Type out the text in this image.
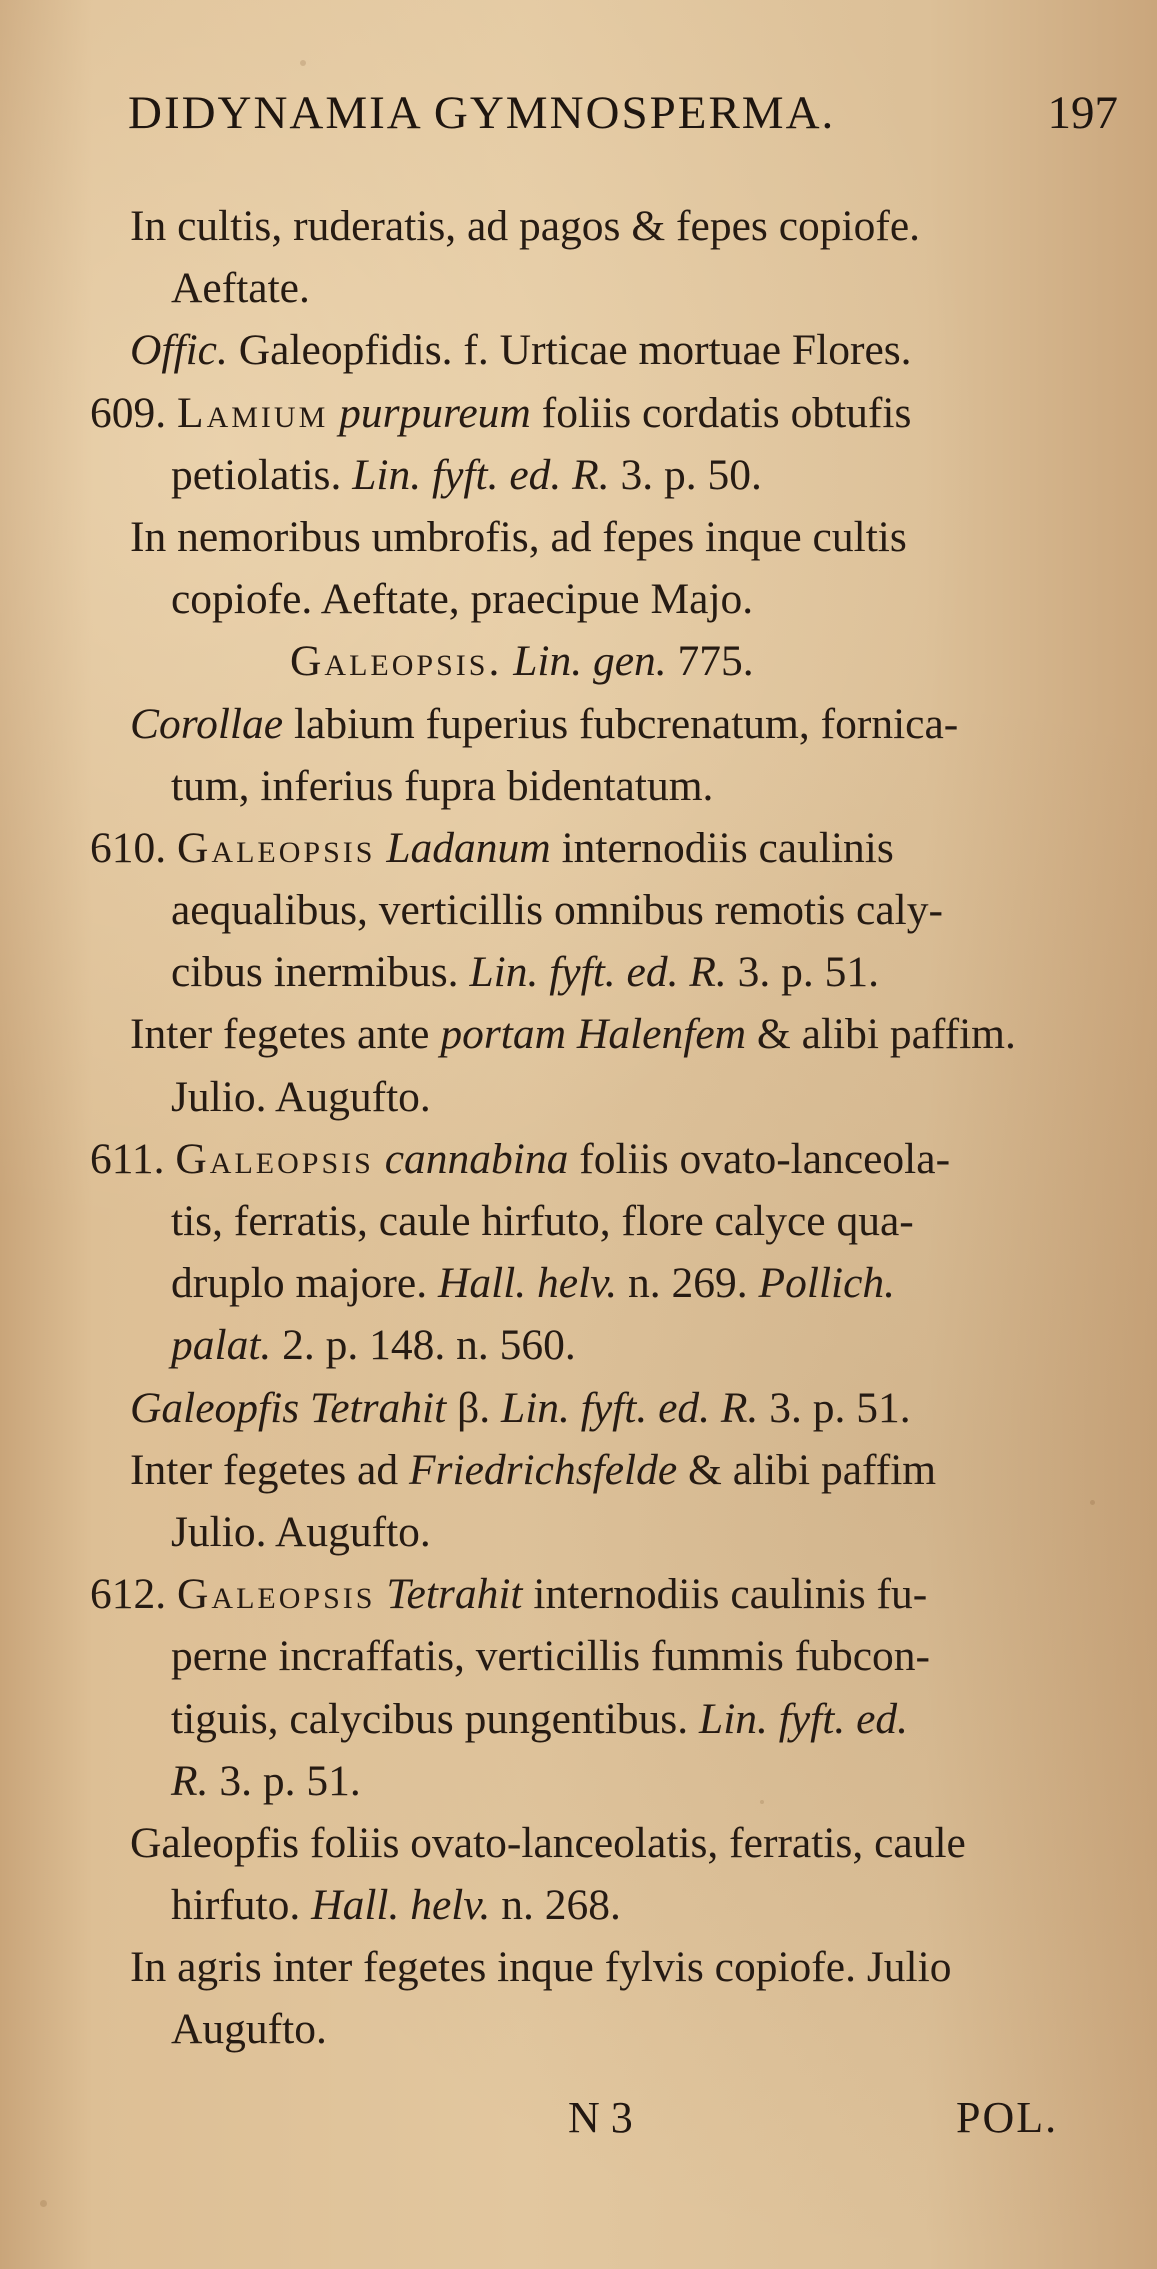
DIDYNAMIA GYMNOSPERMA.	197
In cultis, ruderatis, ad pagos & fepes copiofe.
Aeftate.
Offic. Galeopfidis. f. Urticae mortuae Flores.
609. Lamium purpureum foliis cordatis obtufis
petiolatis. Lin. fyft. ed. R. 3. p. 50.
In nemoribus umbrofis, ad fepes inque cultis
copiofe. Aeftate, praecipue Majo.
Galeopsis. Lin. gen. 775.
Corollae labium fuperius fubcrenatum, fornica-
tum, inferius fupra bidentatum.
610. Galeopsis Ladanum internodiis caulinis
aequalibus, verticillis omnibus remotis caly-
cibus inermibus. Lin. fyft. ed. R. 3. p. 51.
Inter fegetes ante portam Halenfem & alibi paffim.
Julio. Augufto.
611. Galeopsis cannabina foliis ovato-lanceola-
tis, ferratis, caule hirfuto, flore calyce qua-
druplo majore. Hall. helv. n. 269. Pollich.
palat. 2. p. 148. n. 560.
Galeopfis Tetrahit β. Lin. fyft. ed. R. 3. p. 51.
Inter fegetes ad Friedrichsfelde & alibi paffim
Julio. Augufto.
612. Galeopsis Tetrahit internodiis caulinis fu-
perne incraffatis, verticillis fummis fubcon-
tiguis, calycibus pungentibus. Lin. fyft. ed.
R. 3. p. 51.
Galeopfis foliis ovato-lanceolatis, ferratis, caule
hirfuto. Hall. helv. n. 268.
In agris inter fegetes inque fylvis copiofe. Julio
Augufto.
N 3	POL.
